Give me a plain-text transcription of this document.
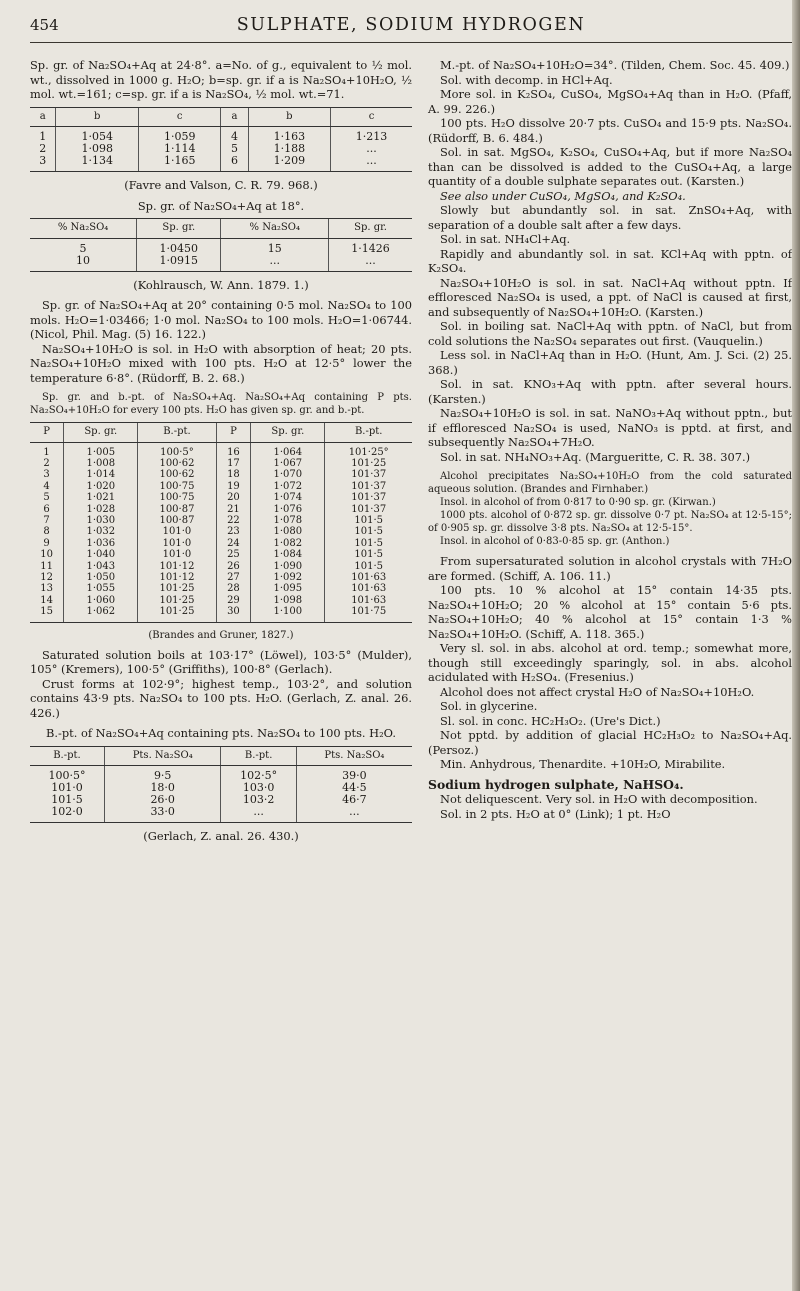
454	SULPHATE, SODIUM HYDROGEN

Sp. gr. of Na₂SO₄+Aq at 24·8°. a=No. of g., equivalent to ½ mol. wt., dissolved in 1000 g. H₂O; b=sp. gr. if a is Na₂SO₄+10H₂O, ½ mol. wt.=161; c=sp. gr. if a is Na₂SO₄, ½ mol. wt.=71.

a	b	c	a	b	c
1	1·054	1·059	4	1·163	1·213
2	1·098	1·114	5	1·188	...
3	1·134	1·165	6	1·209	...

(Favre and Valson, C. R. 79. 968.)

Sp. gr. of Na₂SO₄+Aq at 18°.

% Na₂SO₄	Sp. gr.	% Na₂SO₄	Sp. gr.
5	1·0450	15	1·1426
10	1·0915	...	...

(Kohlrausch, W. Ann. 1879. 1.)

Sp. gr. of Na₂SO₄+Aq at 20° containing 0·5 mol. Na₂SO₄ to 100 mols. H₂O=1·03466; 1·0 mol. Na₂SO₄ to 100 mols. H₂O=1·06744. (Nicol, Phil. Mag. (5) 16. 122.)

Na₂SO₄+10H₂O is sol. in H₂O with absorption of heat; 20 pts. Na₂SO₄+10H₂O mixed with 100 pts. H₂O at 12·5° lower the temperature 6·8°. (Rüdorff, B. 2. 68.)

Sp. gr. and b.-pt. of Na₂SO₄+Aq. Na₂SO₄+Aq containing P pts. Na₂SO₄+10H₂O for every 100 pts. H₂O has given sp. gr. and b.-pt.

P	Sp. gr.	B.-pt.	P	Sp. gr.	B.-pt.
1	1·005	100·5°	16	1·064	101·25°
2	1·008	100·62	17	1·067	101·25
3	1·014	100·62	18	1·070	101·37
4	1·020	100·75	19	1·072	101·37
5	1·021	100·75	20	1·074	101·37
6	1·028	100·87	21	1·076	101·37
7	1·030	100·87	22	1·078	101·5
8	1·032	101·0	23	1·080	101·5
9	1·036	101·0	24	1·082	101·5
10	1·040	101·0	25	1·084	101·5
11	1·043	101·12	26	1·090	101·5
12	1·050	101·12	27	1·092	101·63
13	1·055	101·25	28	1·095	101·63
14	1·060	101·25	29	1·098	101·63
15	1·062	101·25	30	1·100	101·75

(Brandes and Gruner, 1827.)

Saturated solution boils at 103·17° (Löwel), 103·5° (Mulder), 105° (Kremers), 100·5° (Griffiths), 100·8° (Gerlach).

Crust forms at 102·9°; highest temp., 103·2°, and solution contains 43·9 pts. Na₂SO₄ to 100 pts. H₂O. (Gerlach, Z. anal. 26. 426.)

B.-pt. of Na₂SO₄+Aq containing pts. Na₂SO₄ to 100 pts. H₂O.

B.-pt.	Pts. Na₂SO₄	B.-pt.	Pts. Na₂SO₄
100·5°	9·5	102·5°	39·0
101·0	18·0	103·0	44·5
101·5	26·0	103·2	46·7
102·0	33·0	...	...

(Gerlach, Z. anal. 26. 430.)

M.-pt. of Na₂SO₄+10H₂O=34°. (Tilden, Chem. Soc. 45. 409.)

Sol. with decomp. in HCl+Aq.

More sol. in K₂SO₄, CuSO₄, MgSO₄+Aq than in H₂O. (Pfaff, A. 99. 226.)

100 pts. H₂O dissolve 20·7 pts. CuSO₄ and 15·9 pts. Na₂SO₄. (Rüdorff, B. 6. 484.)

Sol. in sat. MgSO₄, K₂SO₄, CuSO₄+Aq, but if more Na₂SO₄ than can be dissolved is added to the CuSO₄+Aq, a large quantity of a double sulphate separates out. (Karsten.)

See also under CuSO₄, MgSO₄, and K₂SO₄.

Slowly but abundantly sol. in sat. ZnSO₄+Aq, with separation of a double salt after a few days.

Sol. in sat. NH₄Cl+Aq.

Rapidly and abundantly sol. in sat. KCl+Aq with pptn. of K₂SO₄.

Na₂SO₄+10H₂O is sol. in sat. NaCl+Aq without pptn. If effloresced Na₂SO₄ is used, a ppt. of NaCl is caused at first, and subsequently of Na₂SO₄+10H₂O. (Karsten.)

Sol. in boiling sat. NaCl+Aq with pptn. of NaCl, but from cold solutions the Na₂SO₄ separates out first. (Vauquelin.)

Less sol. in NaCl+Aq than in H₂O. (Hunt, Am. J. Sci. (2) 25. 368.)

Sol. in sat. KNO₃+Aq with pptn. after several hours. (Karsten.)

Na₂SO₄+10H₂O is sol. in sat. NaNO₃+Aq without pptn., but if effloresced Na₂SO₄ is used, NaNO₃ is pptd. at first, and subsequently Na₂SO₄+7H₂O.

Sol. in sat. NH₄NO₃+Aq. (Margueritte, C. R. 38. 307.)

Alcohol precipitates Na₂SO₄+10H₂O from the cold saturated aqueous solution. (Brandes and Firnhaber.)

Insol. in alcohol of from 0·817 to 0·90 sp. gr. (Kirwan.)

1000 pts. alcohol of 0·872 sp. gr. dissolve 0·7 pt. Na₂SO₄ at 12·5-15°; of 0·905 sp. gr. dissolve 3·8 pts. Na₂SO₄ at 12·5-15°.

Insol. in alcohol of 0·83-0·85 sp. gr. (Anthon.)

From supersaturated solution in alcohol crystals with 7H₂O are formed. (Schiff, A. 106. 11.)

100 pts. 10 % alcohol at 15° contain 14·35 pts. Na₂SO₄+10H₂O; 20 % alcohol at 15° contain 5·6 pts. Na₂SO₄+10H₂O; 40 % alcohol at 15° contain 1·3 % Na₂SO₄+10H₂O. (Schiff, A. 118. 365.)

Very sl. sol. in abs. alcohol at ord. temp.; somewhat more, though still exceedingly sparingly, sol. in abs. alcohol acidulated with H₂SO₄. (Fresenius.)

Alcohol does not affect crystal H₂O of Na₂SO₄+10H₂O.

Sol. in glycerine.

Sl. sol. in conc. HC₂H₃O₂. (Ure's Dict.)

Not pptd. by addition of glacial HC₂H₃O₂ to Na₂SO₄+Aq. (Persoz.)

Min. Anhydrous, Thenardite. +10H₂O, Mirabilite.

Sodium hydrogen sulphate, NaHSO₄.

Not deliquescent. Very sol. in H₂O with decomposition.

Sol. in 2 pts. H₂O at 0° (Link); 1 pt. H₂O
